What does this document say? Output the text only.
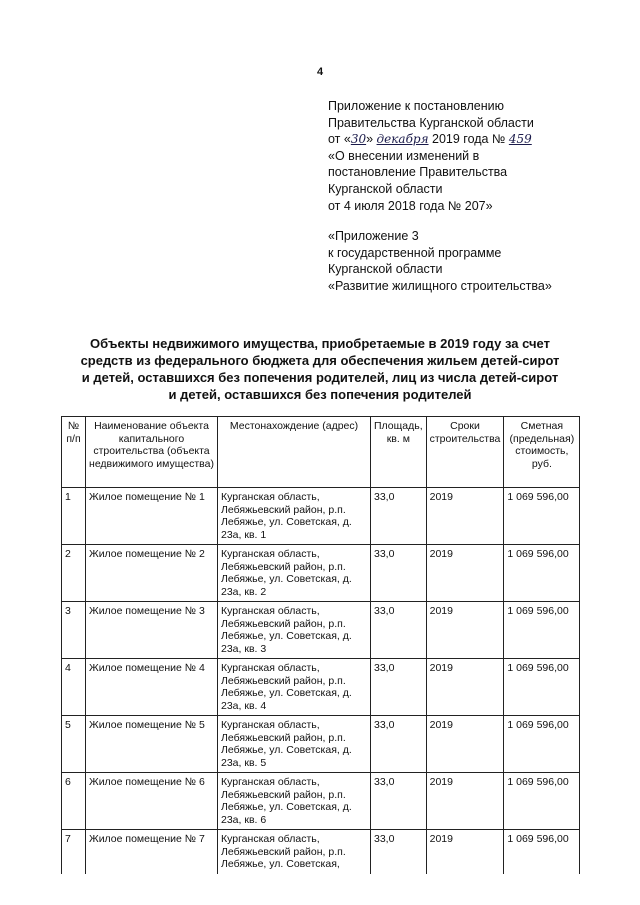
4
Приложение к постановлению
Правительства Курганской области
от «30» декабря 2019 года № 459
«О внесении изменений в
постановление Правительства
Курганской области
от 4 июля 2018 года № 207»
«Приложение 3
к государственной программе
Курганской области
«Развитие жилищного строительства»
Объекты недвижимого имущества, приобретаемые в 2019 году за счет
средств из федерального бюджета для обеспечения жильем детей-сирот
и детей, оставшихся без попечения родителей, лиц из числа детей-сирот
и детей, оставшихся без попечения родителей
№ п/п	Наименование объекта капитального строительства (объекта недвижимого имущества)	Местонахождение (адрес)	Площадь, кв. м	Сроки строительства	Сметная (предельная) стоимость, руб.
1	Жилое помещение № 1	Курганская область, Лебяжьевский район, р.п. Лебяжье, ул. Советская, д. 23а, кв. 1	33,0	2019	1 069 596,00
2	Жилое помещение № 2	Курганская область, Лебяжьевский район, р.п. Лебяжье, ул. Советская, д. 23а, кв. 2	33,0	2019	1 069 596,00
3	Жилое помещение № 3	Курганская область, Лебяжьевский район, р.п. Лебяжье, ул. Советская, д. 23а, кв. 3	33,0	2019	1 069 596,00
4	Жилое помещение № 4	Курганская область, Лебяжьевский район, р.п. Лебяжье, ул. Советская, д. 23а, кв. 4	33,0	2019	1 069 596,00
5	Жилое помещение № 5	Курганская область, Лебяжьевский район, р.п. Лебяжье, ул. Советская, д. 23а, кв. 5	33,0	2019	1 069 596,00
6	Жилое помещение № 6	Курганская область, Лебяжьевский район, р.п. Лебяжье, ул. Советская, д. 23а, кв. 6	33,0	2019	1 069 596,00
7	Жилое помещение № 7	Курганская область, Лебяжьевский район, р.п. Лебяжье, ул. Советская,	33,0	2019	1 069 596,00
